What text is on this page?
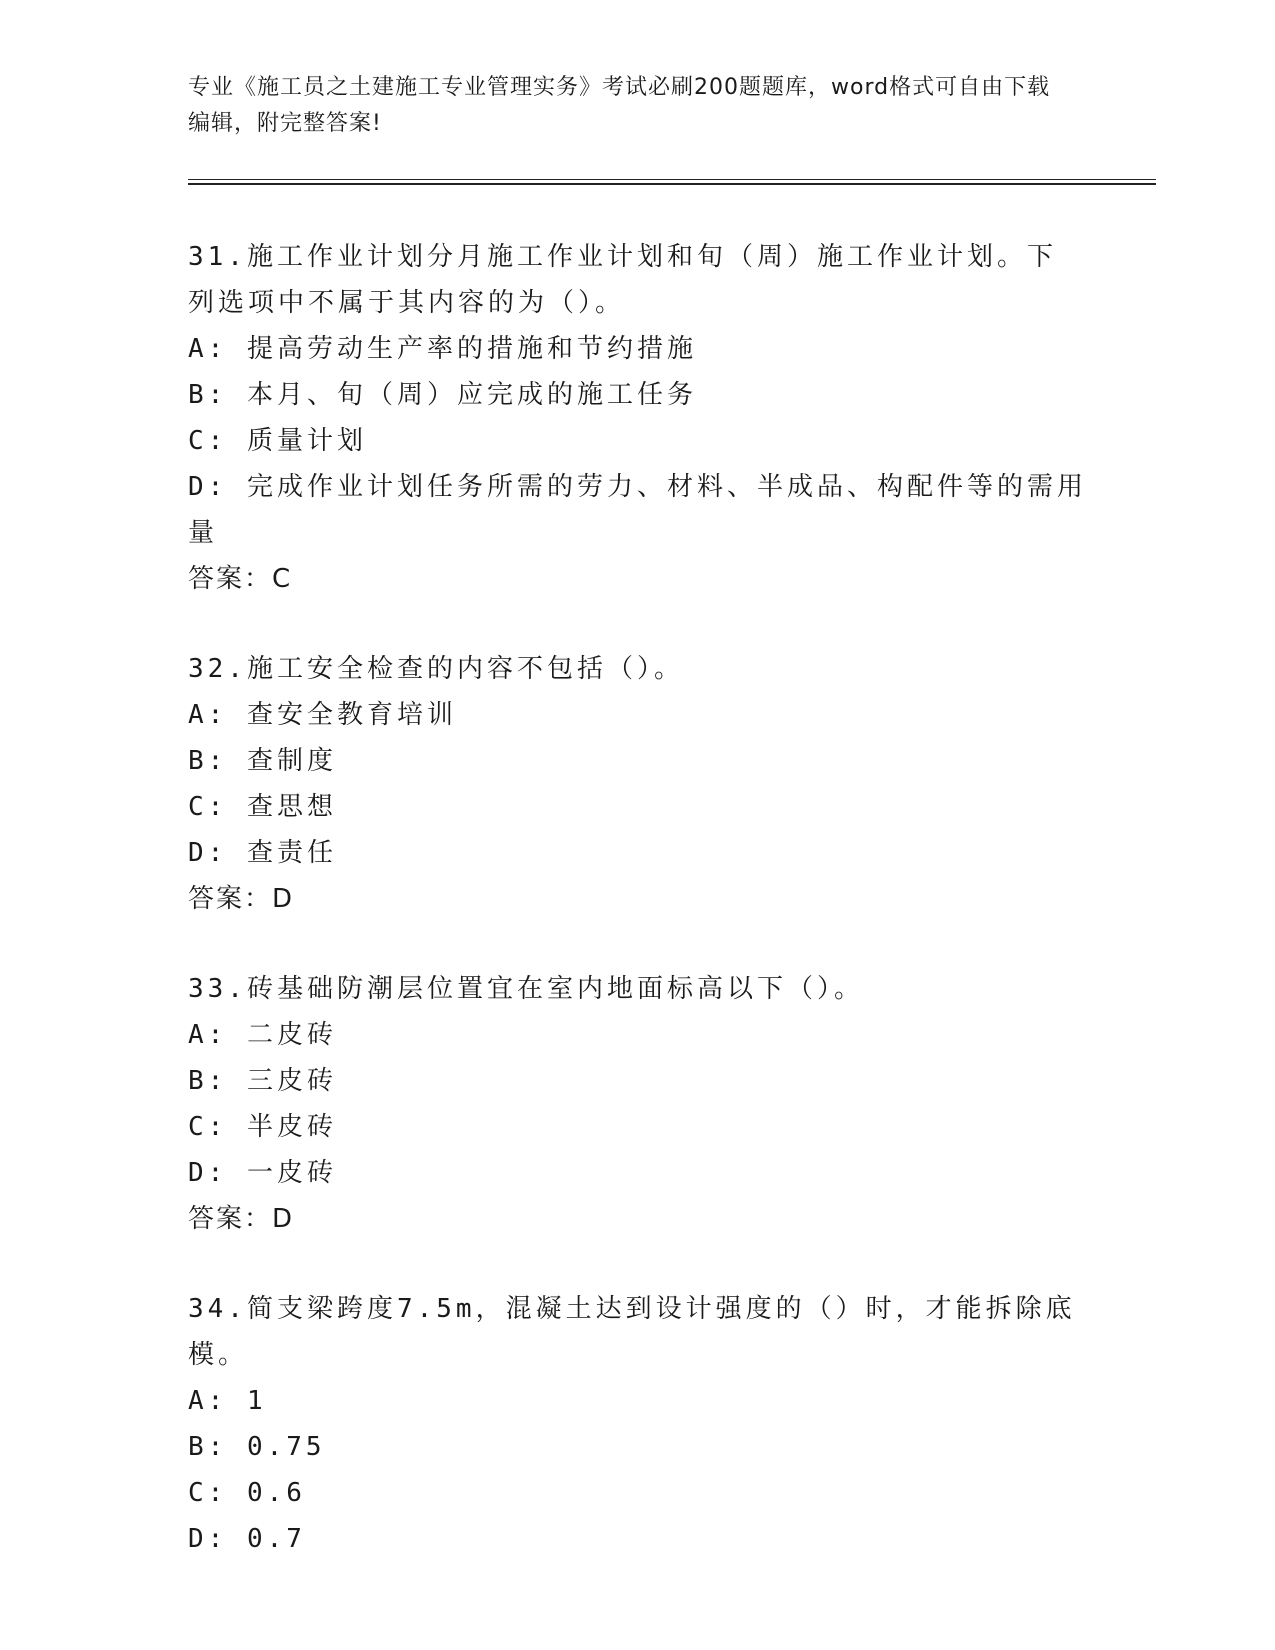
专业《施工员之土建施工专业管理实务》考试必刷200题题库，word格式可自由下载编辑，附完整答案!

31.施工作业计划分月施工作业计划和旬（周）施工作业计划。下列选项中不属于其内容的为（）。

A: 提高劳动生产率的措施和节约措施

B: 本月、旬（周）应完成的施工任务

C: 质量计划

D: 完成作业计划任务所需的劳力、材料、半成品、构配件等的需用量

答案：C

32.施工安全检查的内容不包括（）。

A: 查安全教育培训

B: 查制度

C: 查思想

D: 查责任

答案：D

33.砖基础防潮层位置宜在室内地面标高以下（）。

A: 二皮砖

B: 三皮砖

C: 半皮砖

D: 一皮砖

答案：D

34.简支梁跨度7.5m，混凝土达到设计强度的（）时，才能拆除底模。

A: 1

B: 0.75

C: 0.6

D: 0.7
